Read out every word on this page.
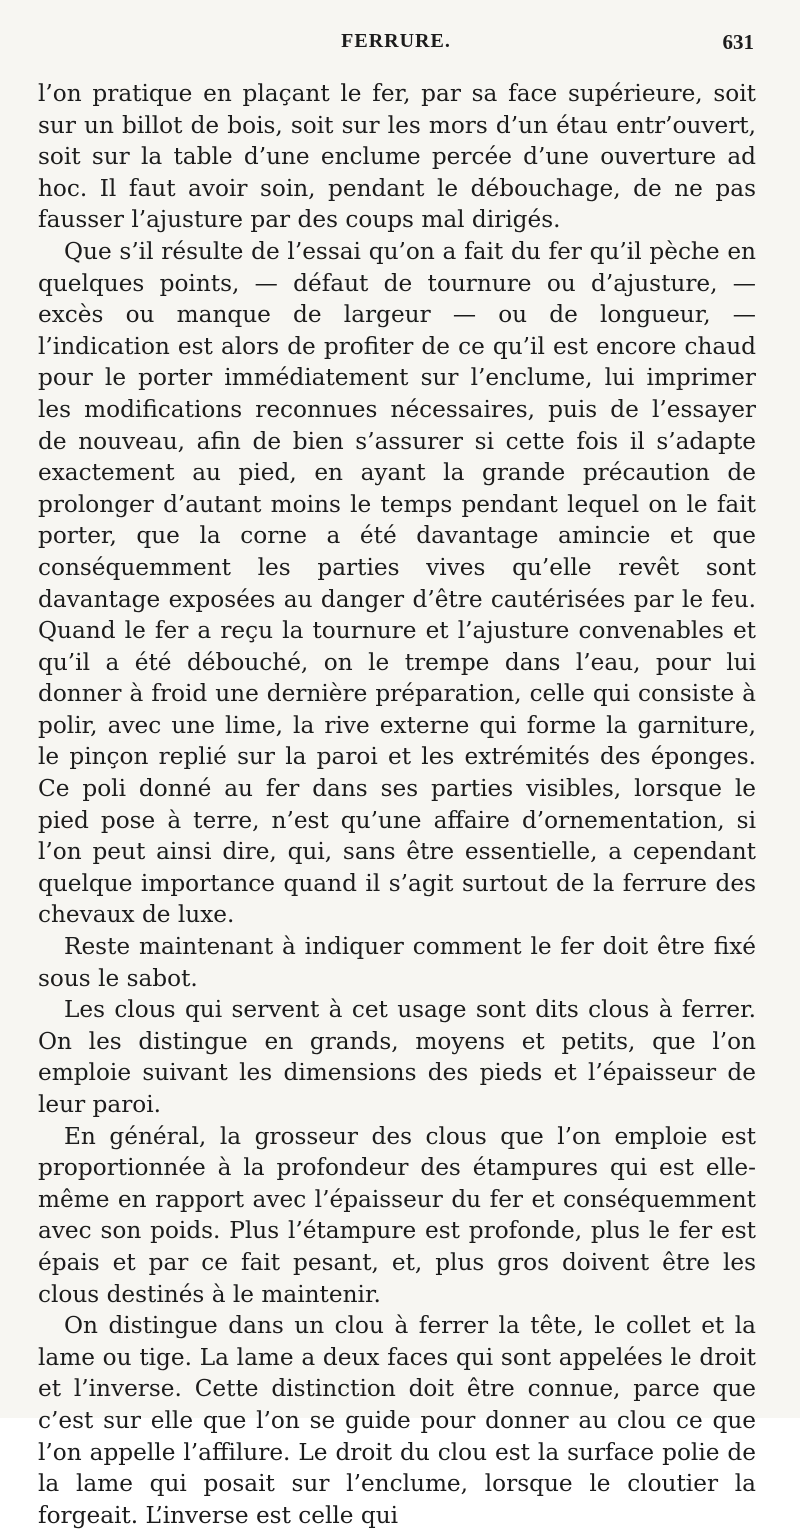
FERRURE.	631

l’on pratique en plaçant le fer, par sa face supérieure, soit sur un billot de bois, soit sur les mors d’un étau entr’ouvert, soit sur la table d’une enclume percée d’une ouverture ad hoc. Il faut avoir soin, pendant le débouchage, de ne pas fausser l’ajusture par des coups mal dirigés.

Que s’il résulte de l’essai qu’on a fait du fer qu’il pèche en quelques points, — défaut de tournure ou d’ajusture, — excès ou manque de largeur — ou de longueur, — l’indication est alors de profiter de ce qu’il est encore chaud pour le porter immédiatement sur l’enclume, lui imprimer les modifications reconnues nécessaires, puis de l’essayer de nouveau, afin de bien s’assurer si cette fois il s’adapte exactement au pied, en ayant la grande précaution de prolonger d’autant moins le temps pendant lequel on le fait porter, que la corne a été davantage amincie et que conséquemment les parties vives qu’elle revêt sont davantage exposées au danger d’être cautérisées par le feu. Quand le fer a reçu la tournure et l’ajusture convenables et qu’il a été débouché, on le trempe dans l’eau, pour lui donner à froid une dernière préparation, celle qui consiste à polir, avec une lime, la rive externe qui forme la garniture, le pinçon replié sur la paroi et les extrémités des éponges. Ce poli donné au fer dans ses parties visibles, lorsque le pied pose à terre, n’est qu’une affaire d’ornementation, si l’on peut ainsi dire, qui, sans être essentielle, a cependant quelque importance quand il s’agit surtout de la ferrure des chevaux de luxe.

Reste maintenant à indiquer comment le fer doit être fixé sous le sabot.

Les clous qui servent à cet usage sont dits clous à ferrer. On les distingue en grands, moyens et petits, que l’on emploie suivant les dimensions des pieds et l’épaisseur de leur paroi.

En général, la grosseur des clous que l’on emploie est proportionnée à la profondeur des étampures qui est elle-même en rapport avec l’épaisseur du fer et conséquemment avec son poids. Plus l’étampure est profonde, plus le fer est épais et par ce fait pesant, et, plus gros doivent être les clous destinés à le maintenir.

On distingue dans un clou à ferrer la tête, le collet et la lame ou tige. La lame a deux faces qui sont appelées le droit et l’inverse. Cette distinction doit être connue, parce que c’est sur elle que l’on se guide pour donner au clou ce que l’on appelle l’affilure. Le droit du clou est la surface polie de la lame qui posait sur l’enclume, lorsque le cloutier la forgeait. L’inverse est celle qui
